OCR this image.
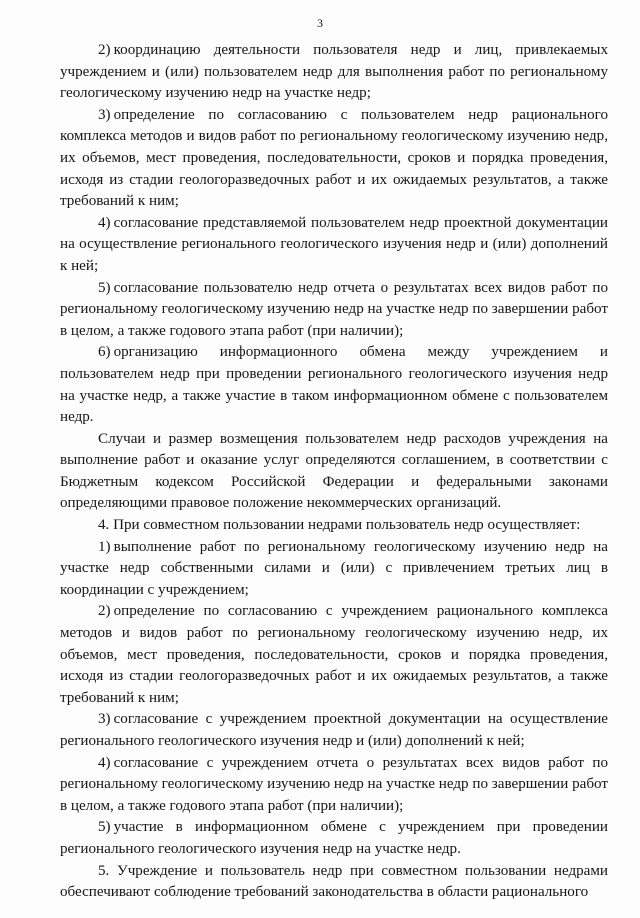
3

2) координацию деятельности пользователя недр и лиц, привлекаемых учреждением и (или) пользователем недр для выполнения работ по региональному геологическому изучению недр на участке недр;

3) определение по согласованию с пользователем недр рационального комплекса методов и видов работ по региональному геологическому изучению недр, их объемов, мест проведения, последовательности, сроков и порядка проведения, исходя из стадии геологоразведочных работ и их ожидаемых результатов, а также требований к ним;

4) согласование представляемой пользователем недр проектной документации на осуществление регионального геологического изучения недр и (или) дополнений к ней;

5) согласование пользователю недр отчета о результатах всех видов работ по региональному геологическому изучению недр на участке недр по завершении работ в целом, а также годового этапа работ (при наличии);

6) организацию информационного обмена между учреждением и пользователем недр при проведении регионального геологического изучения недр на участке недр, а также участие в таком информационном обмене с пользователем недр.

Случаи и размер возмещения пользователем недр расходов учреждения на выполнение работ и оказание услуг определяются соглашением, в соответствии с Бюджетным кодексом Российской Федерации и федеральными законами определяющими правовое положение некоммерческих организаций.

4. При совместном пользовании недрами пользователь недр осуществляет:

1) выполнение работ по региональному геологическому изучению недр на участке недр собственными силами и (или) с привлечением третьих лиц в координации с учреждением;

2) определение по согласованию с учреждением рационального комплекса методов и видов работ по региональному геологическому изучению недр, их объемов, мест проведения, последовательности, сроков и порядка проведения, исходя из стадии геологоразведочных работ и их ожидаемых результатов, а также требований к ним;

3) согласование с учреждением проектной документации на осуществление регионального геологического изучения недр и (или) дополнений к ней;

4) согласование с учреждением отчета о результатах всех видов работ по региональному геологическому изучению недр на участке недр по завершении работ в целом, а также годового этапа работ (при наличии);

5) участие в информационном обмене с учреждением при проведении регионального геологического изучения недр на участке недр.

5. Учреждение и пользователь недр при совместном пользовании недрами обеспечивают соблюдение требований законодательства в области рационального
